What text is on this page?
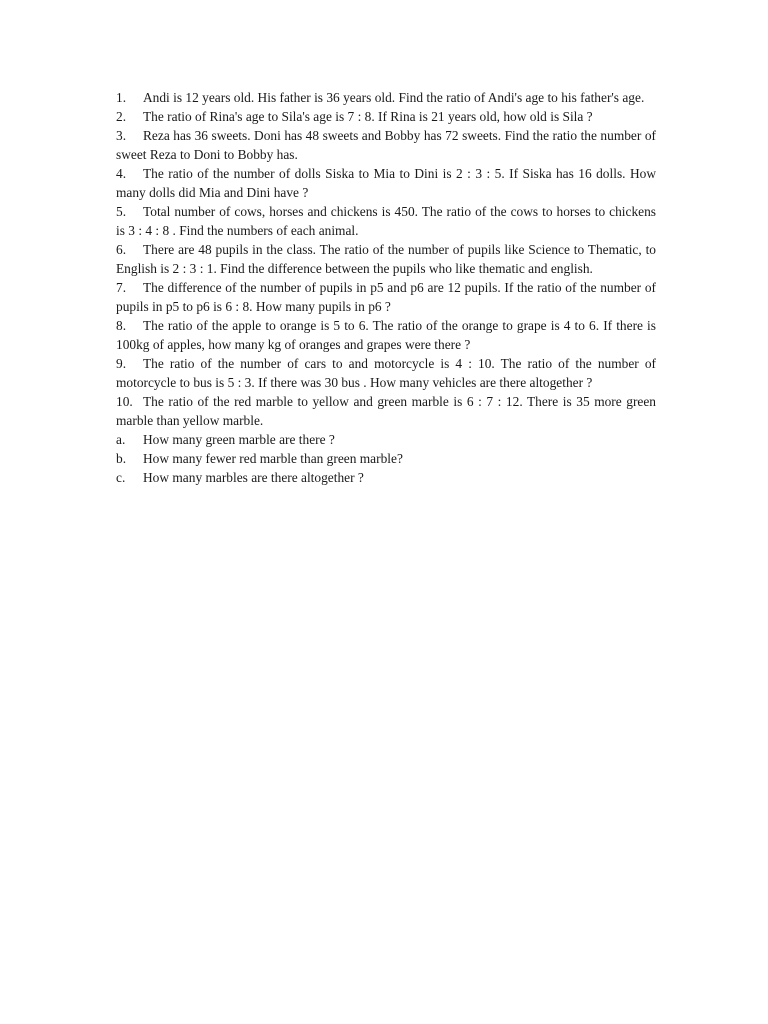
1. Andi is 12 years old. His father is 36 years old. Find the ratio of Andi's age to his father's age.
2. The ratio of Rina's age to Sila's age is 7 : 8. If Rina is 21 years old, how old is Sila ?
3. Reza has 36 sweets. Doni has 48 sweets and Bobby has 72 sweets. Find the ratio the number of sweet Reza to Doni to Bobby has.
4. The ratio of the number of dolls Siska to Mia to Dini is 2 : 3 : 5. If Siska has 16 dolls. How many dolls did Mia and Dini have ?
5. Total number of cows, horses and chickens is 450. The ratio of the cows to horses to chickens is 3 : 4 : 8 . Find the numbers of each animal.
6. There are 48 pupils in the class. The ratio of the number of pupils like Science to Thematic, to English is 2 : 3 : 1. Find the difference between the pupils who like thematic and english.
7. The difference of the number of pupils in p5 and p6 are 12 pupils. If the ratio of the number of pupils in p5 to p6 is 6 : 8. How many pupils in p6 ?
8. The ratio of the apple to orange is 5 to 6. The ratio of the orange to grape is 4 to 6. If there is 100kg of apples, how many kg of oranges and grapes were there ?
9. The ratio of the number of cars to and motorcycle is 4 : 10. The ratio of the number of motorcycle to bus is 5 : 3. If there was 30 bus . How many vehicles are there altogether ?
10. The ratio of the red marble to yellow and green marble is 6 : 7 : 12. There is 35 more green marble than yellow marble.
a. How many green marble are there ?
b. How many fewer red marble than green marble?
c. How many marbles are there altogether ?
